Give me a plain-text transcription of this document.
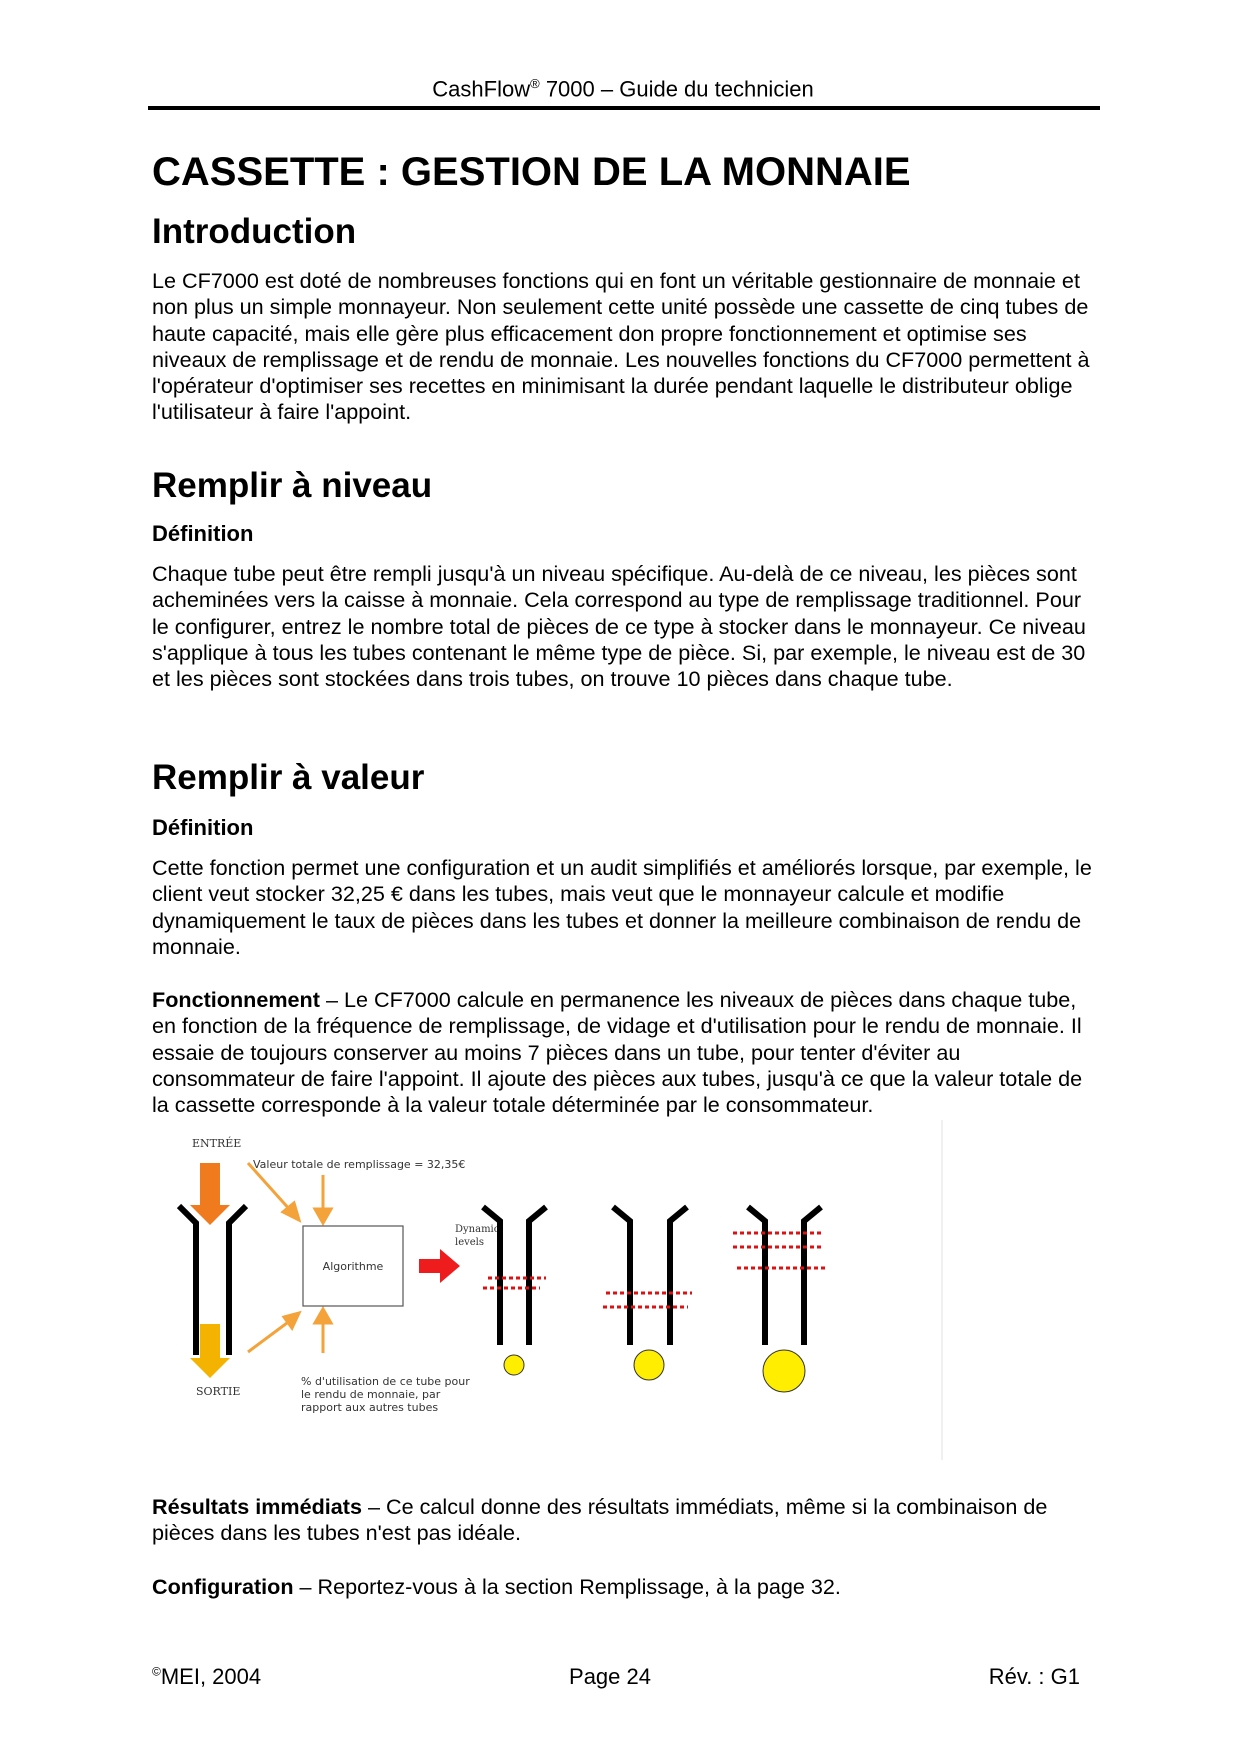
CashFlow® 7000 – Guide du technicien
CASSETTE : GESTION DE LA MONNAIE
Introduction

Le CF7000 est doté de nombreuses fonctions qui en font un véritable gestionnaire de monnaie et non plus un simple monnayeur. Non seulement cette unité possède une cassette de cinq tubes de haute capacité, mais elle gère plus efficacement don propre fonctionnement et optimise ses niveaux de remplissage et de rendu de monnaie. Les nouvelles fonctions du CF7000 permettent à l'opérateur d'optimiser ses recettes en minimisant la durée pendant laquelle le distributeur oblige l'utilisateur à faire l'appoint.

Remplir à niveau
Définition

Chaque tube peut être rempli jusqu'à un niveau spécifique. Au-delà de ce niveau, les pièces sont acheminées vers la caisse à monnaie. Cela correspond au type de remplissage traditionnel. Pour le configurer, entrez le nombre total de pièces de ce type à stocker dans le monnayeur. Ce niveau s'applique à tous les tubes contenant le même type de pièce. Si, par exemple, le niveau est de 30 et les pièces sont stockées dans trois tubes, on trouve 10 pièces dans chaque tube.

Remplir à valeur
Définition

Cette fonction permet une configuration et un audit simplifiés et améliorés lorsque, par exemple, le client veut stocker 32,25 € dans les tubes, mais veut que le monnayeur calcule et modifie dynamiquement le taux de pièces dans les tubes et donner la meilleure combinaison de rendu de monnaie.

Fonctionnement – Le CF7000 calcule en permanence les niveaux de pièces dans chaque tube, en fonction de la fréquence de remplissage, de vidage et d'utilisation pour le rendu de monnaie. Il essaie de toujours conserver au moins 7 pièces dans un tube, pour tenter d'éviter au consommateur de faire l'appoint. Il ajoute des pièces aux tubes, jusqu'à ce que la valeur totale de la cassette corresponde à la valeur totale déterminée par le consommateur.

ENTRÉE
SORTIE
Valeur totale de remplissage = 32,35€
Algorithme
Dynamic
levels
% d'utilisation de ce tube pour
le rendu de monnaie, par
rapport aux autres tubes

Résultats immédiats – Ce calcul donne des résultats immédiats, même si la combinaison de pièces dans les tubes n'est pas idéale.

Configuration – Reportez-vous à la section Remplissage, à la page 32.

©MEI, 2004	Page 24	Rév. : G1
